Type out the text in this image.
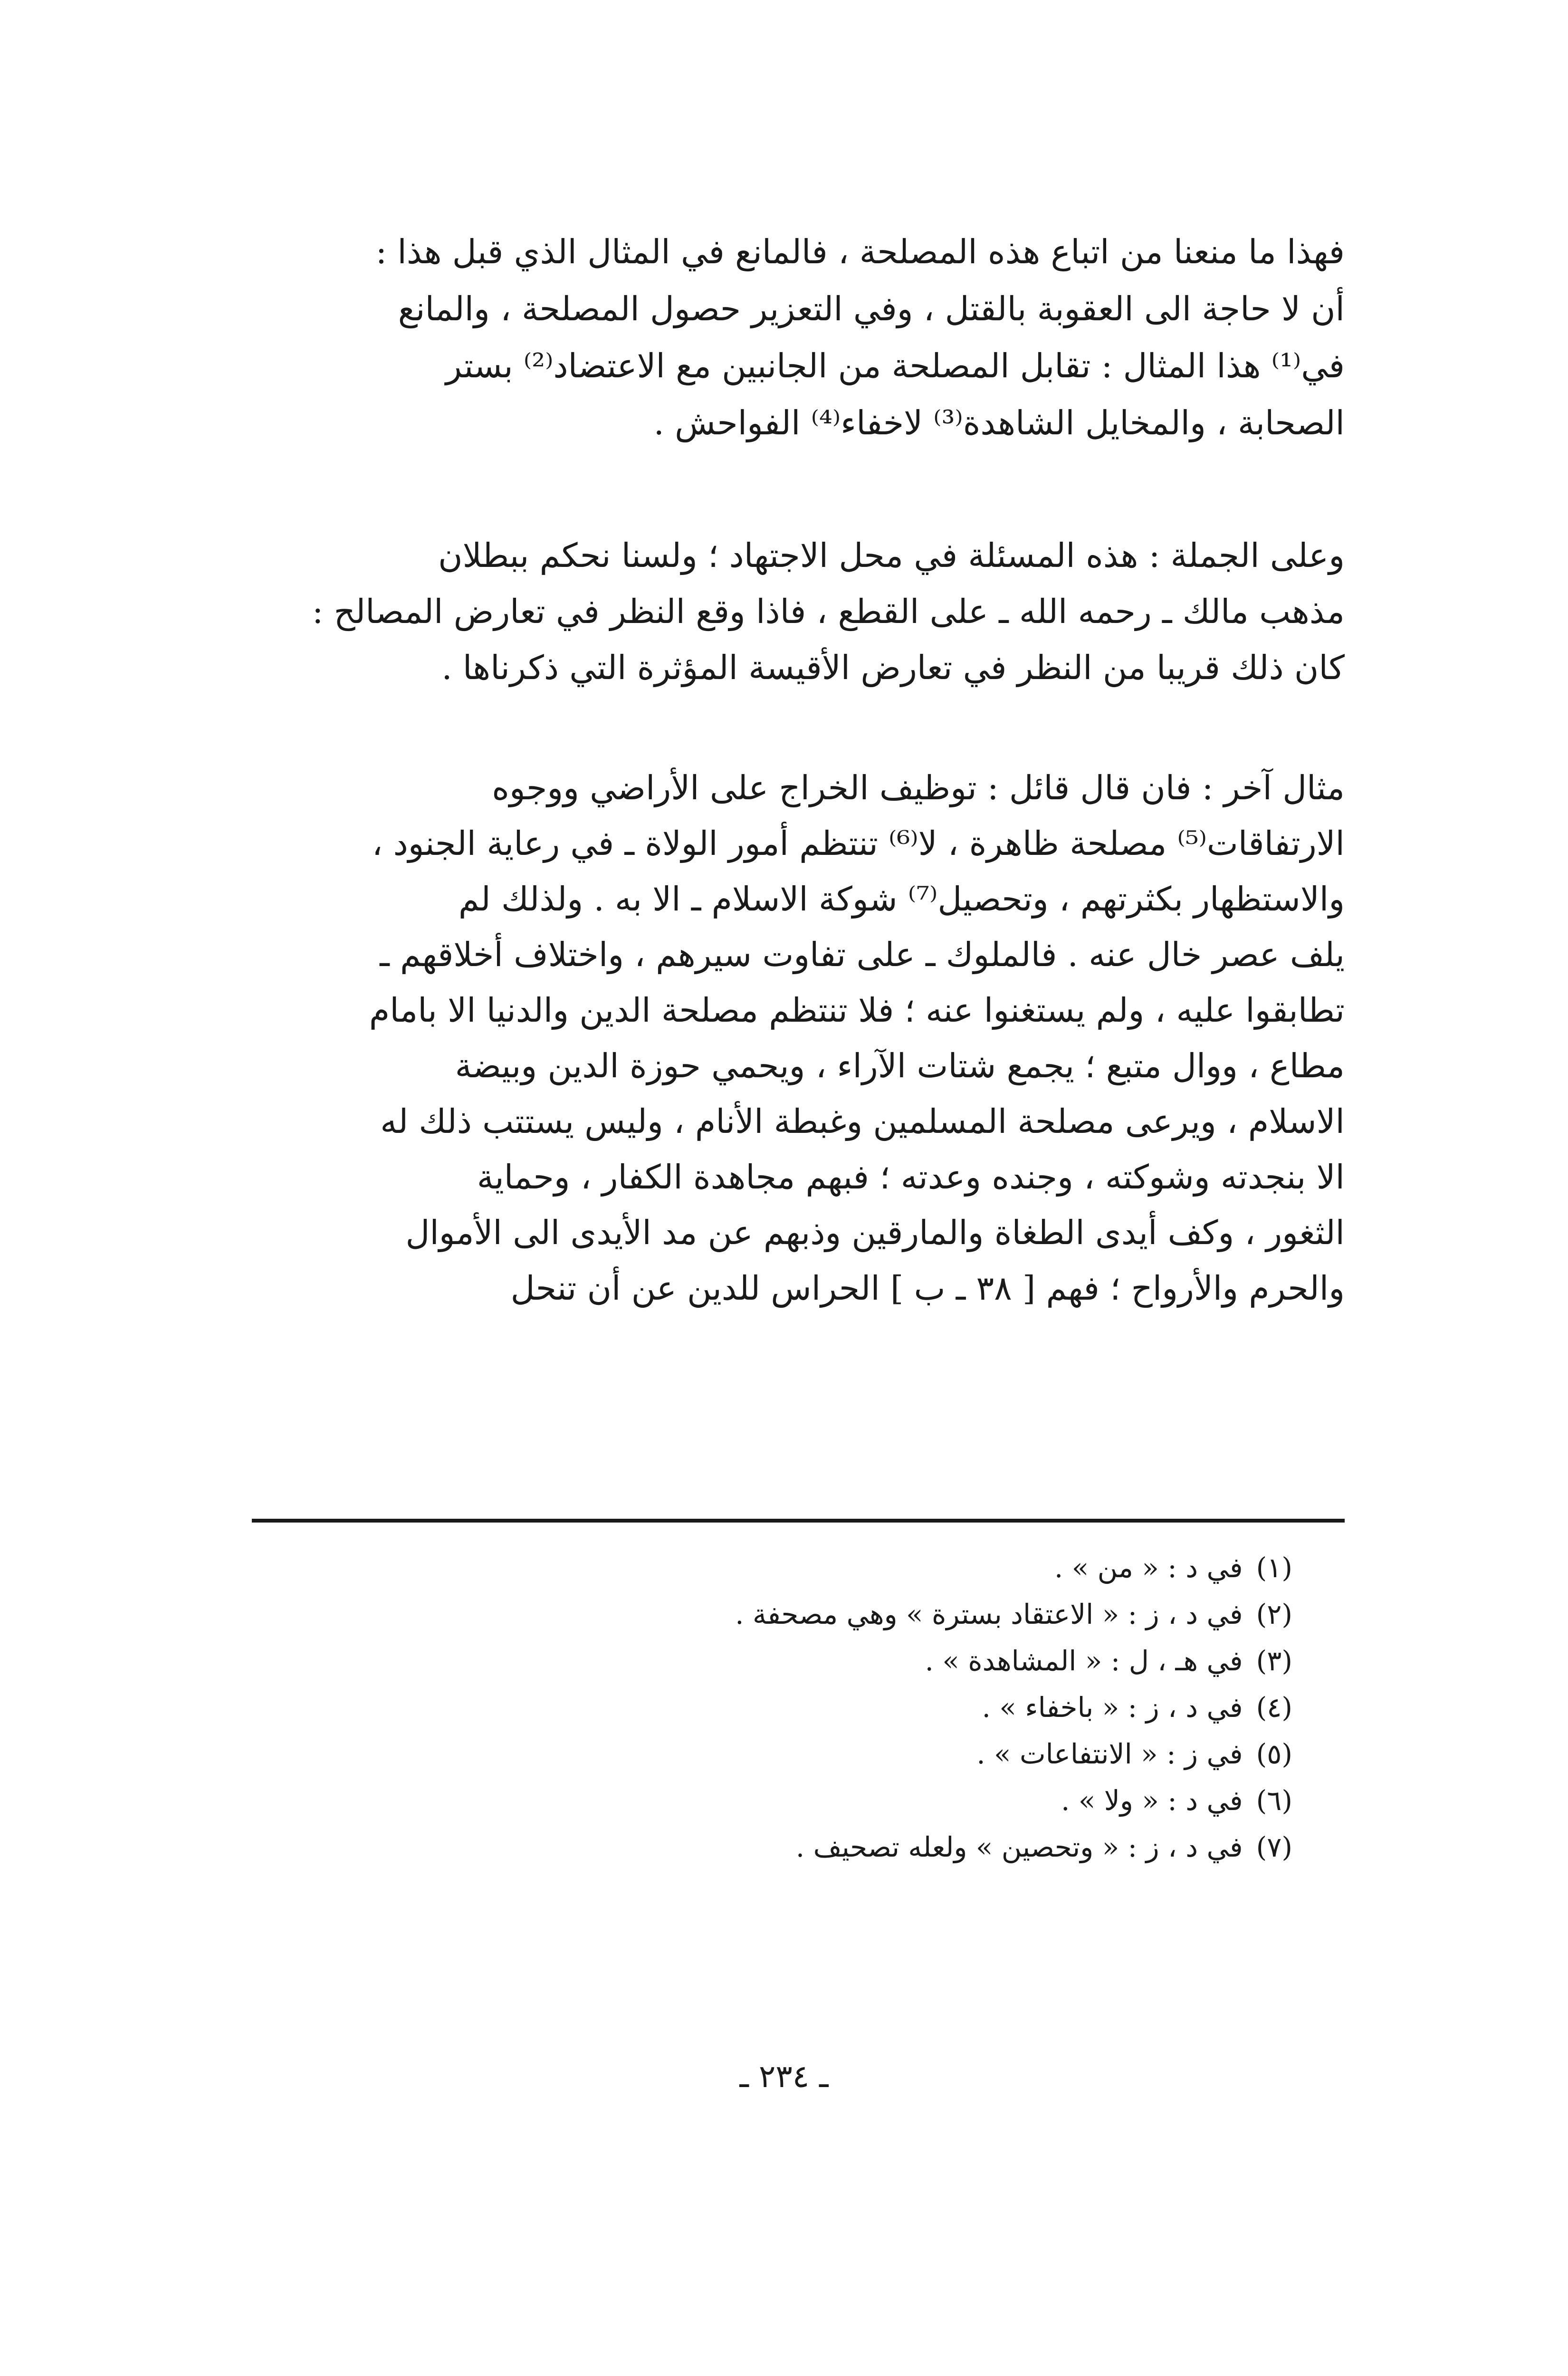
فهذا ما منعنا من اتباع هذه المصلحة ، فالمانع في المثال الذي قبل هذا :
أن لا حاجة الى العقوبة بالقتل ، وفي التعزير حصول المصلحة ، والمانع
في⁽¹⁾ هذا المثال : تقابل المصلحة من الجانبين مع الاعتضاد⁽²⁾ بستر
الصحابة ، والمخايل الشاهدة⁽³⁾ لاخفاء⁽⁴⁾ الفواحش .
وعلى الجملة : هذه المسئلة في محل الاجتهاد ؛ ولسنا نحكم ببطلان
مذهب مالك ـ رحمه الله ـ على القطع ، فاذا وقع النظر في تعارض المصالح :
كان ذلك قريبا من النظر في تعارض الأقيسة المؤثرة التي ذكرناها .
مثال آخر : فان قال قائل : توظيف الخراج على الأراضي ووجوه
الارتفاقات⁽⁵⁾ مصلحة ظاهرة ، لا⁽⁶⁾ تنتظم أمور الولاة ـ في رعاية الجنود ،
والاستظهار بكثرتهم ، وتحصيل⁽⁷⁾ شوكة الاسلام ـ الا به . ولذلك لم
يلف عصر خال عنه . فالملوك ـ على تفاوت سيرهم ، واختلاف أخلاقهم ـ
تطابقوا عليه ، ولم يستغنوا عنه ؛ فلا تنتظم مصلحة الدين والدنيا الا بامام
مطاع ، ووال متبع ؛ يجمع شتات الآراء ، ويحمي حوزة الدين وبيضة
الاسلام ، ويرعى مصلحة المسلمين وغبطة الأنام ، وليس يستتب ذلك له
الا بنجدته وشوكته ، وجنده وعدته ؛ فبهم مجاهدة الكفار ، وحماية
الثغور ، وكف أيدى الطغاة والمارقين وذبهم عن مد الأيدى الى الأموال
والحرم والأرواح ؛ فهم [ ٣٨ ـ ب ] الحراس للدين عن أن تنحل
(١)في د : « من » .
(٢)في د ، ز : « الاعتقاد بسترة » وهي مصحفة .
(٣)في هـ ، ل : « المشاهدة » .
(٤)في د ، ز : « باخفاء » .
(٥)في ز : « الانتفاعات » .
(٦)في د : « ولا » .
(٧)في د ، ز : « وتحصين » ولعله تصحيف .
ـ ٢٣٤ ـ
